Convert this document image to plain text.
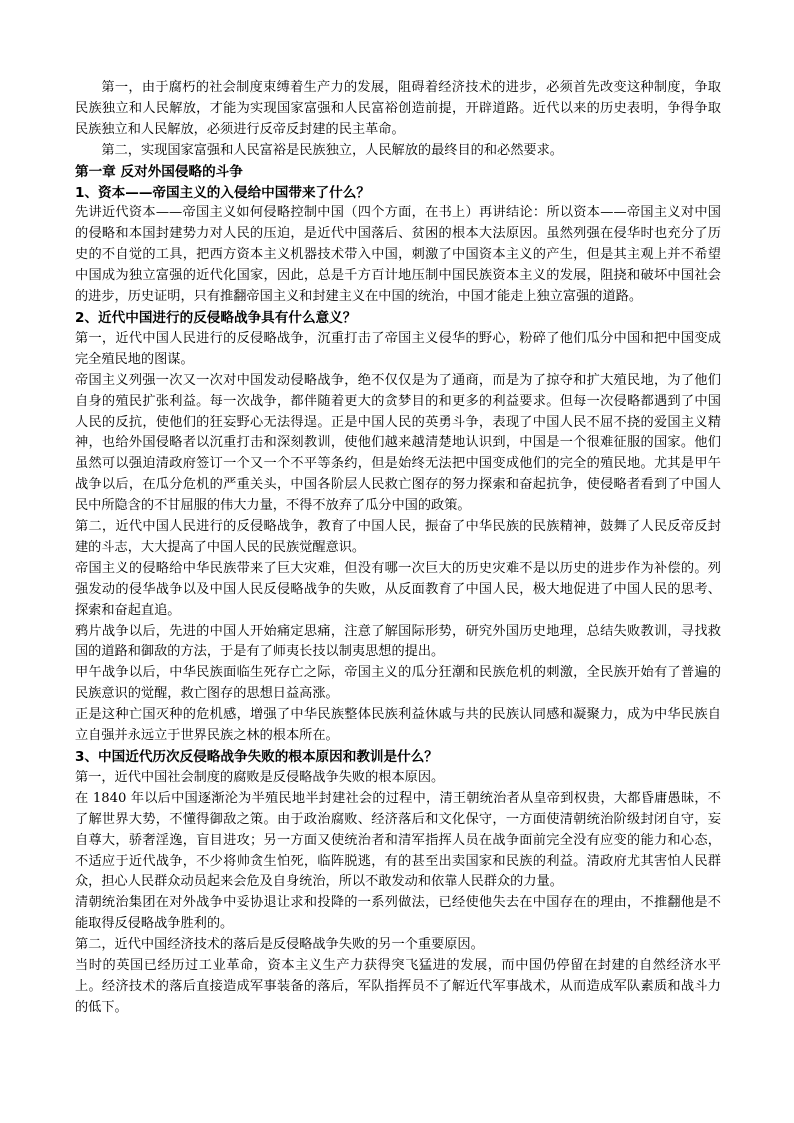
第一，由于腐朽的社会制度束缚着生产力的发展，阻碍着经济技术的进步，必须首先改变这种制度，争取民族独立和人民解放，才能为实现国家富强和人民富裕创造前提，开辟道路。近代以来的历史表明，争得争取民族独立和人民解放，必须进行反帝反封建的民主革命。

第二，实现国家富强和人民富裕是民族独立，人民解放的最终目的和必然要求。

第一章 反对外国侵略的斗争

1、资本——帝国主义的入侵给中国带来了什么？

先讲近代资本——帝国主义如何侵略控制中国（四个方面，在书上）再讲结论：所以资本——帝国主义对中国的侵略和本国封建势力对人民的压迫，是近代中国落后、贫困的根本大法原因。虽然列强在侵华时也充分了历史的不自觉的工具，把西方资本主义机器技术带入中国，刺激了中国资本主义的产生，但是其主观上并不希望中国成为独立富强的近代化国家，因此，总是千方百计地压制中国民族资本主义的发展，阻挠和破坏中国社会的进步，历史证明，只有推翻帝国主义和封建主义在中国的统治，中国才能走上独立富强的道路。

2、近代中国进行的反侵略战争具有什么意义？

第一，近代中国人民进行的反侵略战争，沉重打击了帝国主义侵华的野心，粉碎了他们瓜分中国和把中国变成完全殖民地的图谋。

帝国主义列强一次又一次对中国发动侵略战争，绝不仅仅是为了通商，而是为了掠夺和扩大殖民地，为了他们自身的殖民扩张利益。每一次战争，都伴随着更大的贪梦目的和更多的利益要求。但每一次侵略都遇到了中国人民的反抗，使他们的狂妄野心无法得逞。正是中国人民的英勇斗争，表现了中国人民不屈不挠的爱国主义精神，也给外国侵略者以沉重打击和深刻教训，使他们越来越清楚地认识到，中国是一个很难征服的国家。他们虽然可以强迫清政府签订一个又一个不平等条约，但是始终无法把中国变成他们的完全的殖民地。尤其是甲午战争以后，在瓜分危机的严重关头，中国各阶层人民救亡图存的努力探索和奋起抗争，使侵略者看到了中国人民中所隐含的不甘屈服的伟大力量，不得不放弃了瓜分中国的政策。

第二，近代中国人民进行的反侵略战争，教育了中国人民，振奋了中华民族的民族精神，鼓舞了人民反帝反封建的斗志，大大提高了中国人民的民族觉醒意识。

帝国主义的侵略给中华民族带来了巨大灾难，但没有哪一次巨大的历史灾难不是以历史的进步作为补偿的。列强发动的侵华战争以及中国人民反侵略战争的失败，从反面教育了中国人民，极大地促进了中国人民的思考、探索和奋起直追。

鸦片战争以后，先进的中国人开始痛定思痛，注意了解国际形势，研究外国历史地理，总结失败教训，寻找救国的道路和御敌的方法，于是有了师夷长技以制夷思想的提出。

甲午战争以后，中华民族面临生死存亡之际，帝国主义的瓜分狂潮和民族危机的刺激，全民族开始有了普遍的民族意识的觉醒，救亡图存的思想日益高涨。

正是这种亡国灭种的危机感，增强了中华民族整体民族利益休戚与共的民族认同感和凝聚力，成为中华民族自立自强并永远立于世界民族之林的根本所在。

3、中国近代历次反侵略战争失败的根本原因和教训是什么？

第一，近代中国社会制度的腐败是反侵略战争失败的根本原因。

在 1840 年以后中国逐渐沦为半殖民地半封建社会的过程中，清王朝统治者从皇帝到权贵，大都昏庸愚昧，不了解世界大势，不懂得御敌之策。由于政治腐败、经济落后和文化保守，一方面使清朝统治阶级封闭自守，妄自尊大，骄奢淫逸，盲目进攻；另一方面又使统治者和清军指挥人员在战争面前完全没有应变的能力和心态，不适应于近代战争，不少将帅贪生怕死，临阵脱逃，有的甚至出卖国家和民族的利益。清政府尤其害怕人民群众，担心人民群众动员起来会危及自身统治，所以不敢发动和依靠人民群众的力量。

清朝统治集团在对外战争中妥协退让求和投降的一系列做法，已经使他失去在中国存在的理由，不推翻他是不能取得反侵略战争胜利的。

第二，近代中国经济技术的落后是反侵略战争失败的另一个重要原因。

当时的英国已经历过工业革命，资本主义生产力获得突飞猛进的发展，而中国仍停留在封建的自然经济水平上。经济技术的落后直接造成军事装备的落后，军队指挥员不了解近代军事战术，从而造成军队素质和战斗力的低下。
